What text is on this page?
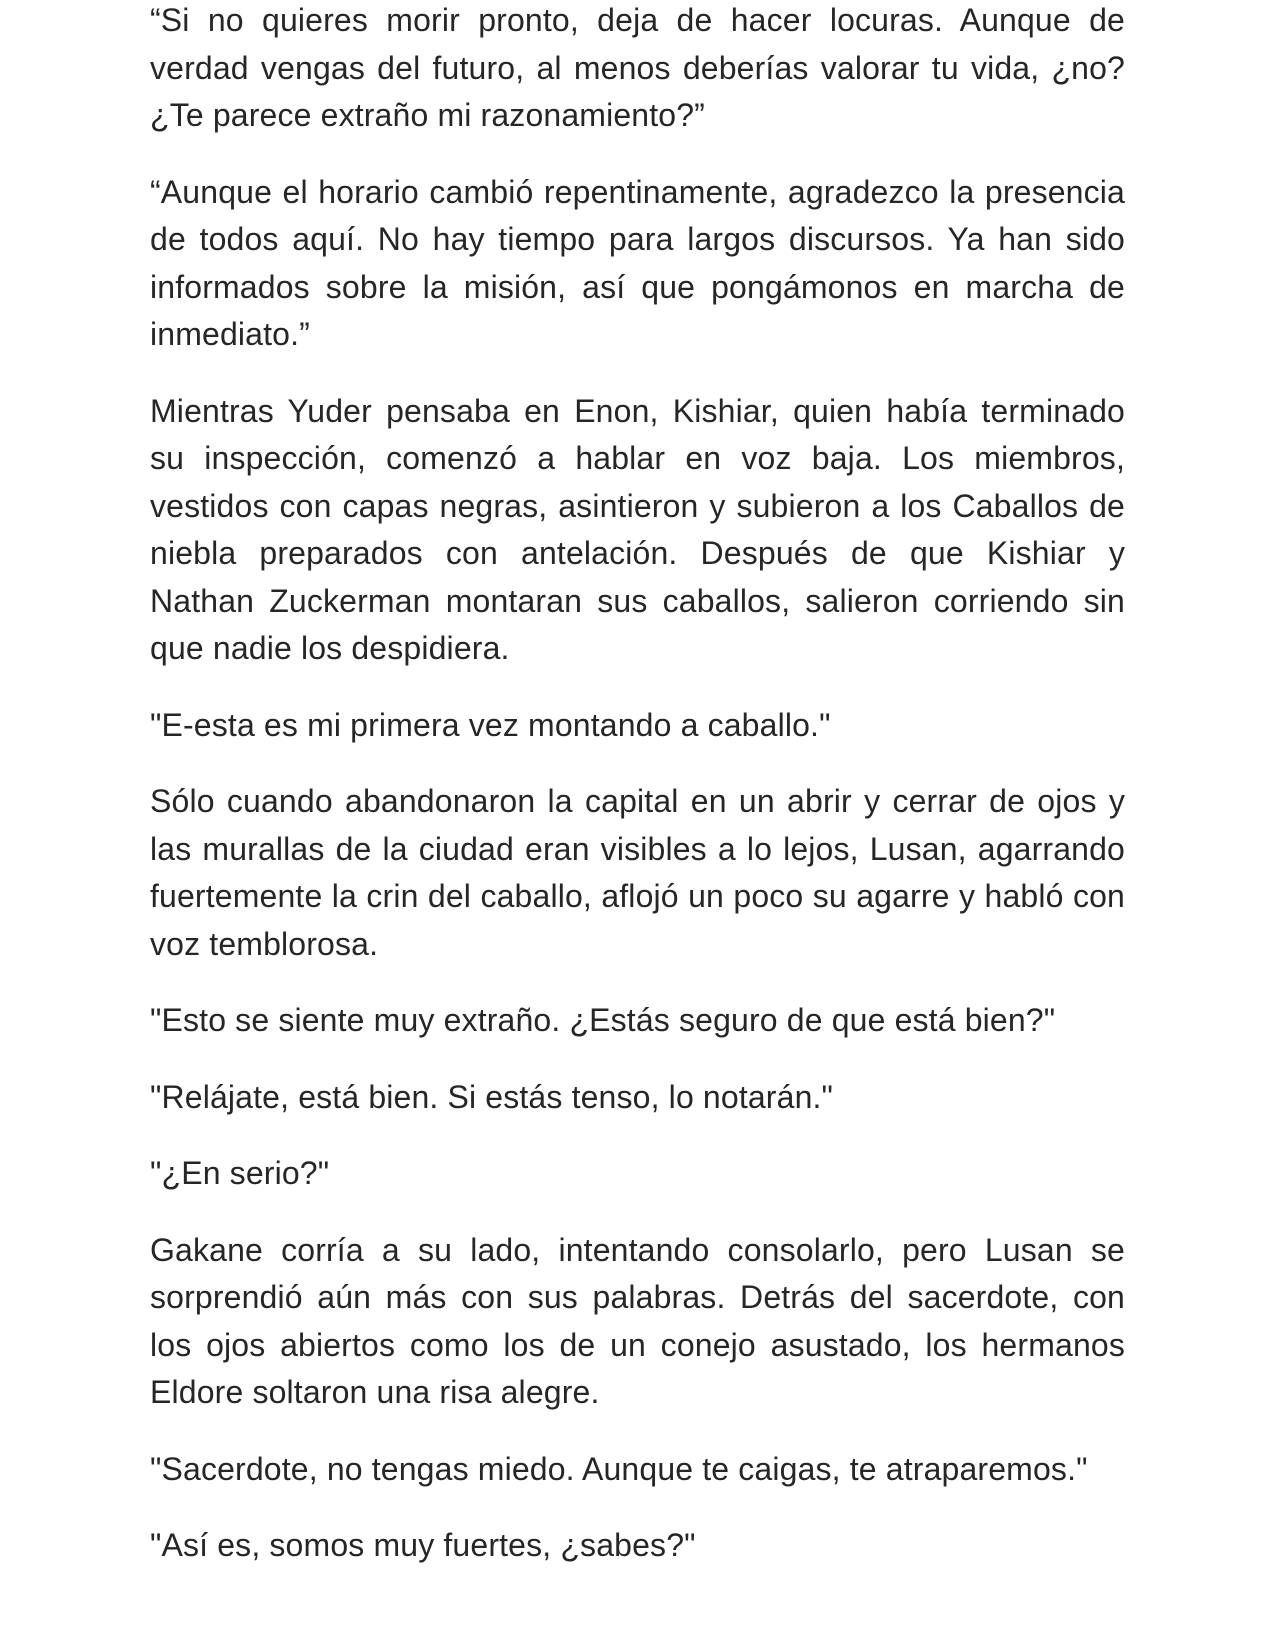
“Si no quieres morir pronto, deja de hacer locuras. Aunque de verdad vengas del futuro, al menos deberías valorar tu vida, ¿no? ¿Te parece extraño mi razonamiento?”

“Aunque el horario cambió repentinamente, agradezco la presencia de todos aquí. No hay tiempo para largos discursos. Ya han sido informados sobre la misión, así que pongámonos en marcha de inmediato.”

Mientras Yuder pensaba en Enon, Kishiar, quien había terminado su inspección, comenzó a hablar en voz baja. Los miembros, vestidos con capas negras, asintieron y subieron a los Caballos de niebla preparados con antelación. Después de que Kishiar y Nathan Zuckerman montaran sus caballos, salieron corriendo sin que nadie los despidiera.

"E-esta es mi primera vez montando a caballo."

Sólo cuando abandonaron la capital en un abrir y cerrar de ojos y las murallas de la ciudad eran visibles a lo lejos, Lusan, agarrando fuertemente la crin del caballo, aflojó un poco su agarre y habló con voz temblorosa.

"Esto se siente muy extraño. ¿Estás seguro de que está bien?"

"Relájate, está bien. Si estás tenso, lo notarán."

"¿En serio?"

Gakane corría a su lado, intentando consolarlo, pero Lusan se sorprendió aún más con sus palabras. Detrás del sacerdote, con los ojos abiertos como los de un conejo asustado, los hermanos Eldore soltaron una risa alegre.

"Sacerdote, no tengas miedo. Aunque te caigas, te atraparemos."

"Así es, somos muy fuertes, ¿sabes?"
